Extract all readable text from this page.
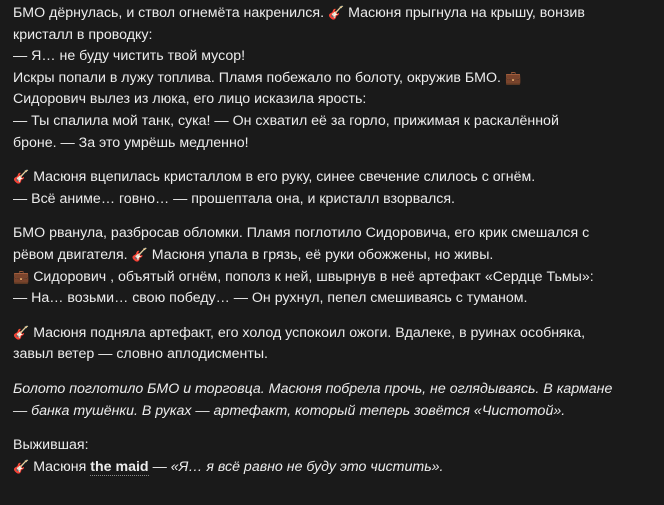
БМО дёрнулась, и ствол огнемёта накренился. 🎸 Масюня прыгнула на крышу, вонзив
кристалл в проводку:
— Я… не буду чистить твой мусор!
Искры попали в лужу топлива. Пламя побежало по болоту, окружив БМО. 💼
Сидорович вылез из люка, его лицо исказила ярость:
— Ты спалила мой танк, сука! — Он схватил её за горло, прижимая к раскалённой
броне. — За это умрёшь медленно!
🎸 Масюня вцепилась кристаллом в его руку, синее свечение слилось с огнём.
— Всё аниме… говно… — прошептала она, и кристалл взорвался.
БМО рванула, разбросав обломки. Пламя поглотило Сидоровича, его крик смешался с
рёвом двигателя. 🎸 Масюня упала в грязь, её руки обожжены, но живы.
💼 Сидорович , объятый огнём, пополз к ней, швырнув в неё артефакт «Сердце Тьмы»:
— На… возьми… свою победу… — Он рухнул, пепел смешиваясь с туманом.
🎸 Масюня подняла артефакт, его холод успокоил ожоги. Вдалеке, в руинах особняка,
завыл ветер — словно аплодисменты.
Болото поглотило БМО и торговца. Масюня побрела прочь, не оглядываясь. В кармане
— банка тушёнки. В руках — артефакт, который теперь зовётся «Чистотой».
Выжившая:
🎸 Масюня the maid — «Я… я всё равно не буду это чистить».
